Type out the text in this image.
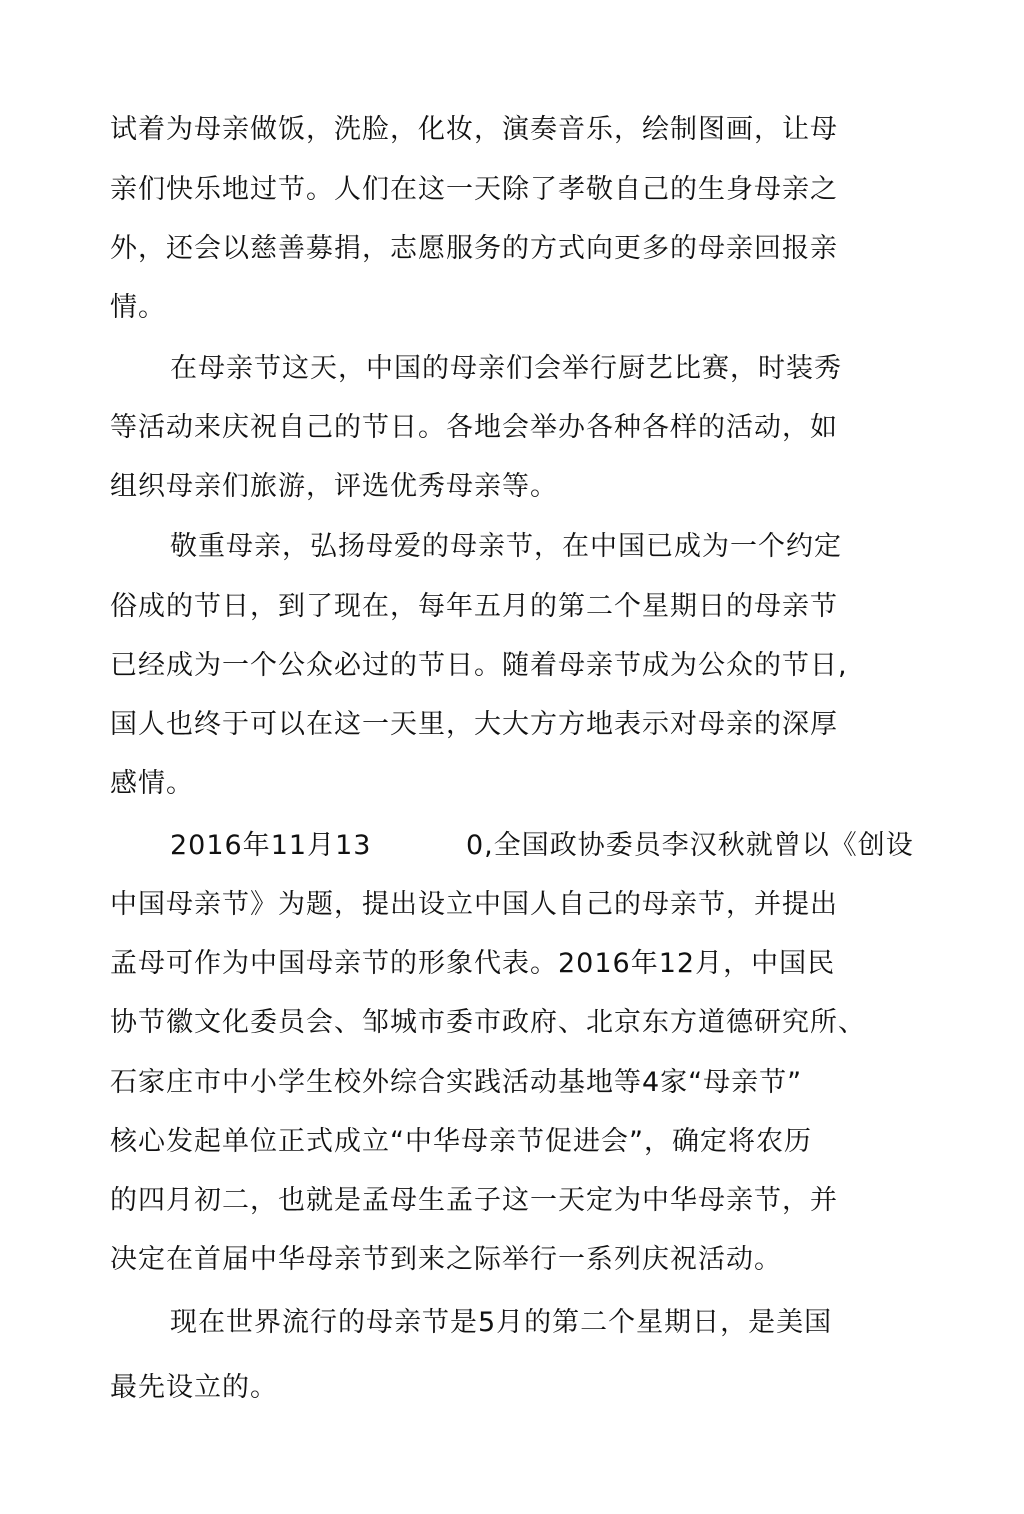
试着为母亲做饭，洗脸，化妆，演奏音乐，绘制图画，让母
亲们快乐地过节。人们在这一天除了孝敬自己的生身母亲之
外，还会以慈善募捐，志愿服务的方式向更多的母亲回报亲
情。
在母亲节这天，中国的母亲们会举行厨艺比赛，时装秀
等活动来庆祝自己的节日。各地会举办各种各样的活动，如
组织母亲们旅游，评选优秀母亲等。
敬重母亲，弘扬母爱的母亲节，在中国已成为一个约定
俗成的节日，到了现在，每年五月的第二个星期日的母亲节
已经成为一个公众必过的节日。随着母亲节成为公众的节日,
国人也终于可以在这一天里，大大方方地表示对母亲的深厚
感情。
2016年11月13	0,全国政协委员李汉秋就曾以《创设
中国母亲节》为题，提出设立中国人自己的母亲节，并提出
孟母可作为中国母亲节的形象代表。2016年12月，中国民
协节徽文化委员会、邹城市委市政府、北京东方道德研究所、
石家庄市中小学生校外综合实践活动基地等4家“母亲节”
核心发起单位正式成立“中华母亲节促进会”，确定将农历
的四月初二，也就是孟母生孟子这一天定为中华母亲节，并
决定在首届中华母亲节到来之际举行一系列庆祝活动。
现在世界流行的母亲节是5月的第二个星期日，是美国
最先设立的。
